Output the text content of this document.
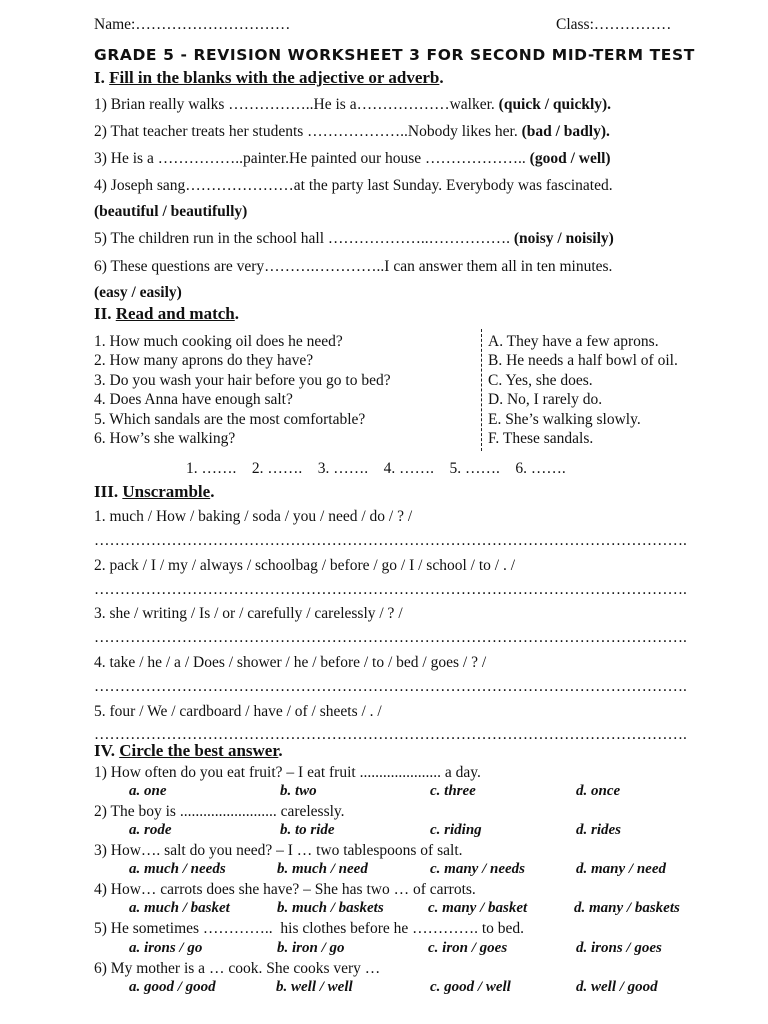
Name:…………………………	Class:……………
GRADE 5 - REVISION WORKSHEET 3 FOR SECOND MID-TERM TEST
I. Fill in the blanks with the adjective or adverb.
1) Brian really walks ……………..He is a………………walker. (quick / quickly).
2) That teacher treats her students ………………..Nobody likes her. (bad / badly).
3) He is a ……………..painter.He painted our house ……………….. (good / well)
4) Joseph sang…………………at the party last Sunday. Everybody was fascinated.
(beautiful / beautifully)
5) The children run in the school hall ………………..……………. (noisy / noisily)
6) These questions are very……….…………..I can answer them all in ten minutes.
(easy / easily)
II. Read and match.
1. How much cooking oil does he need?
2. How many aprons do they have?
3. Do you wash your hair before you go to bed?
4. Does Anna have enough salt?
5. Which sandals are the most comfortable?
6. How’s she walking?
A. They have a few aprons.
B. He needs a half bowl of oil.
C. Yes, she does.
D. No, I rarely do.
E. She’s walking slowly.
F. These sandals.
1. …….    2. …….    3. …….    4. …….    5. …….    6. …….
III. Unscramble.
1. much / How / baking / soda / you / need / do / ? /
…………………………………………………………………………………………………….
2. pack / I / my / always / schoolbag / before / go / I / school / to / . /
…………………………………………………………………………………………………….
3. she / writing / Is / or / carefully / carelessly / ? /
…………………………………………………………………………………………………….
4. take / he / a / Does / shower / he / before / to / bed / goes / ? /
…………………………………………………………………………………………………….
5. four / We / cardboard / have / of / sheets / . /
…………………………………………………………………………………………………….
IV. Circle the best answer.
1) How often do you eat fruit? – I eat fruit ..................... a day.
a. one	b. two	c. three	d. once
2) The boy is ......................... carelessly.
a. rode	b. to ride	c. riding	d. rides
3) How…. salt do you need? – I … two tablespoons of salt.
a. much / needs	b. much / need	c. many / needs	d. many / need
4) How… carrots does she have? – She has two … of carrots.
a. much / basket	b. much / baskets	c. many / basket	d. many / baskets
5) He sometimes …………..  his clothes before he …………. to bed.
a. irons / go	b. iron / go	c. iron / goes	d. irons / goes
6) My mother is a … cook. She cooks very …
a. good / good	b. well / well	c. good / well	d. well / good
